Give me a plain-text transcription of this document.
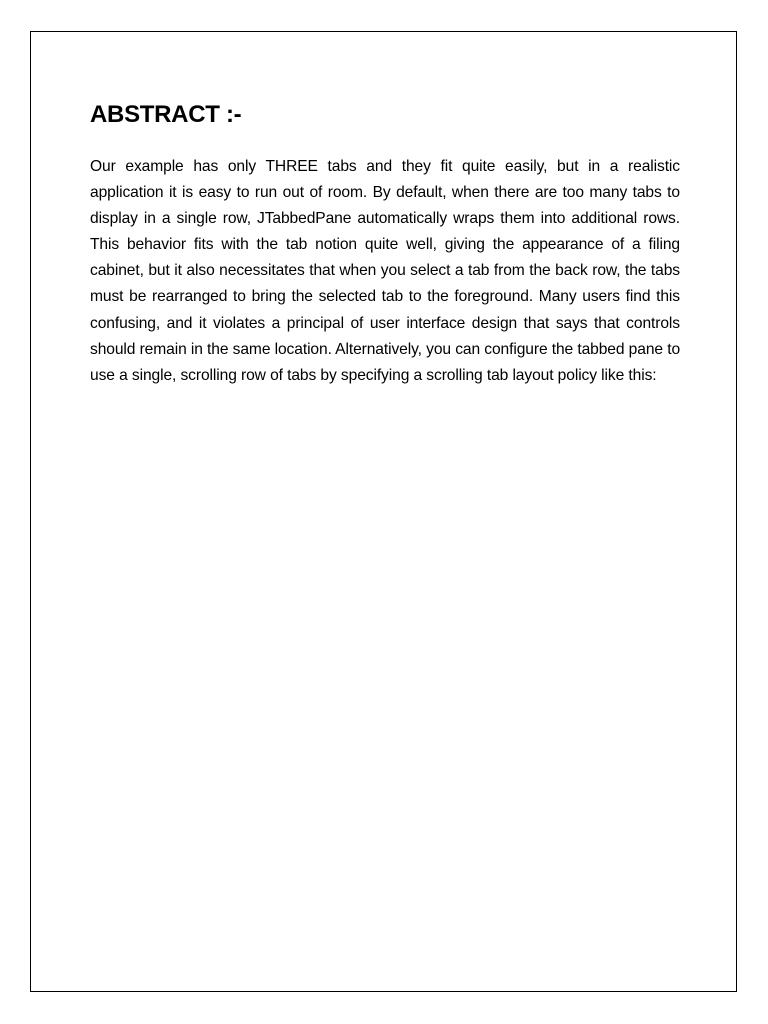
ABSTRACT :-

Our example has only THREE tabs and they fit quite easily, but in a realistic application it is easy to run out of room. By default, when there are too many tabs to display in a single row, JTabbedPane automatically wraps them into additional rows. This behavior fits with the tab notion quite well, giving the appearance of a filing cabinet, but it also necessitates that when you select a tab from the back row, the tabs must be rearranged to bring the selected tab to the foreground. Many users find this confusing, and it violates a principal of user interface design that says that controls should remain in the same location. Alternatively, you can configure the tabbed pane to use a single, scrolling row of tabs by specifying a scrolling tab layout policy like this:
